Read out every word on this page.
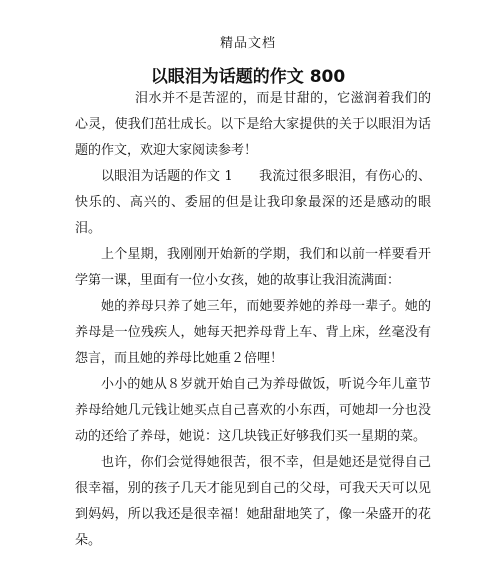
精品文档
以眼泪为话题的作文 800

泪水并不是苦涩的，而是甘甜的，它滋润着我们的心灵，使我们茁壮成长。以下是给大家提供的关于以眼泪为话题的作文，欢迎大家阅读参考！

以眼泪为话题的作文 1 我流过很多眼泪，有伤心的、快乐的、高兴的、委屈的但是让我印象最深的还是感动的眼泪。

上个星期，我刚刚开始新的学期，我们和以前一样要看开学第一课，里面有一位小女孩，她的故事让我泪流满面：

她的养母只养了她三年，而她要养她的养母一辈子。她的养母是一位残疾人，她每天把养母背上车、背上床，丝毫没有怨言，而且她的养母比她重２倍哩！

小小的她从８岁就开始自己为养母做饭，听说今年儿童节养母给她几元钱让她买点自己喜欢的小东西，可她却一分也没动的还给了养母，她说：这几块钱正好够我们买一星期的菜。

也许，你们会觉得她很苦，很不幸，但是她还是觉得自己很幸福，别的孩子几天才能见到自己的父母，可我天天可以见到妈妈，所以我还是很幸福！她甜甜地笑了，像一朵盛开的花朵。
